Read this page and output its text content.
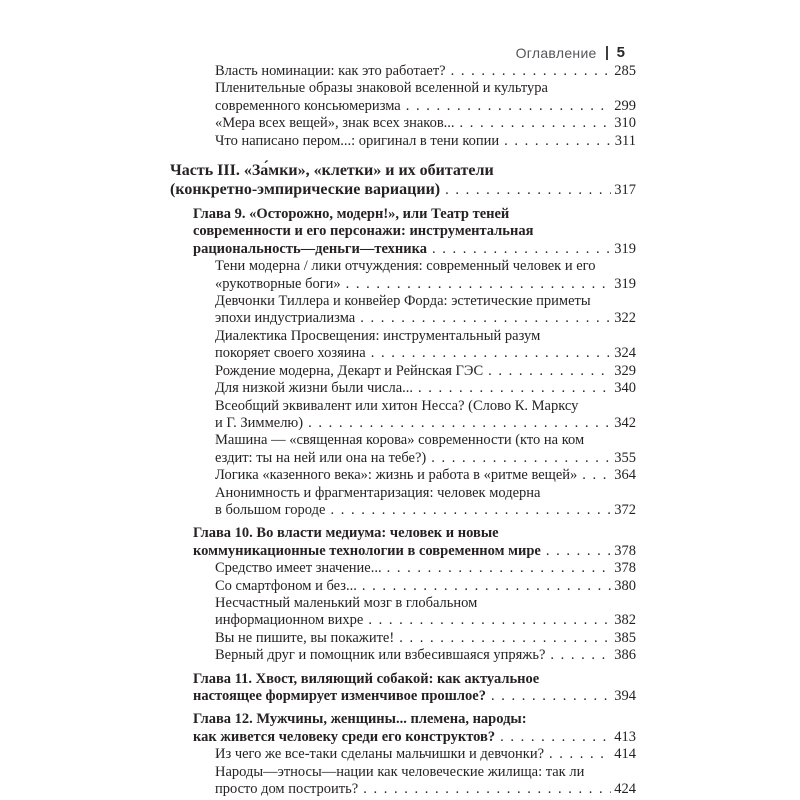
Оглавление 5
Власть номинации: как это работает? . . .	285
Пленительные образы знаковой вселенной и культура
современного консьюмеризма . . .	299
«Мера всех вещей», знак всех знаков... . . .	310
Что написано пером...: оригинал в тени копии . . .	311
Часть III. «За́мки», «клетки» и их обитатели
(конкретно-эмпирические вариации) . . .	317
Глава 9. «Осторожно, модерн!», или Театр теней
современности и его персонажи: инструментальная
рациональность—деньги—техника . . .	319
Тени модерна / лики отчуждения: современный человек и его
«рукотворные боги» . . .	319
Девчонки Тиллера и конвейер Форда: эстетические приметы
эпохи индустриализма . . .	322
Диалектика Просвещения: инструментальный разум
покоряет своего хозяина . . .	324
Рождение модерна, Декарт и Рейнская ГЭС . . .	329
Для низкой жизни были числа... . . .	340
Всеобщий эквивалент или хитон Несса? (Слово К. Марксу
и Г. Зиммелю) . . .	342
Машина — «священная корова» современности (кто на ком
ездит: ты на ней или она на тебе?) . . .	355
Логика «казенного века»: жизнь и работа в «ритме вещей» . . .	364
Анонимность и фрагментаризация: человек модерна
в большом городе . . .	372
Глава 10. Во власти медиума: человек и новые
коммуникационные технологии в современном мире . . .	378
Средство имеет значение... . . .	378
Со смартфоном и без... . . .	380
Несчастный маленький мозг в глобальном
информационном вихре . . .	382
Вы не пишите, вы покажите! . . .	385
Верный друг и помощник или взбесившаяся упряжь? . . .	386
Глава 11. Хвост, виляющий собакой: как актуальное
настоящее формирует изменчивое прошлое? . . .	394
Глава 12. Мужчины, женщины... племена, народы:
как живется человеку среди его конструктов? . . .	413
Из чего же все-таки сделаны мальчишки и девчонки? . . .	414
Народы—этносы—нации как человеческие жилища: так ли
просто дом построить? . . .	424
